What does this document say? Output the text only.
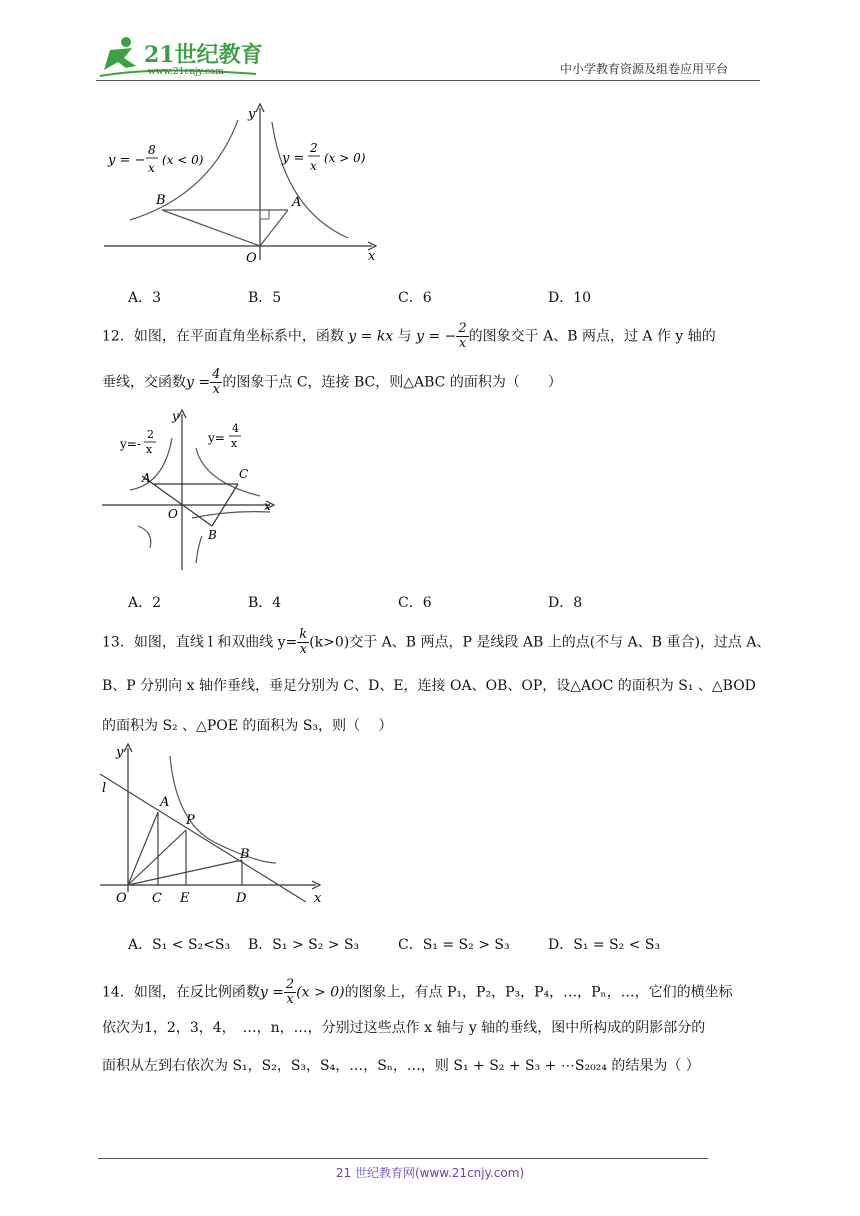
21世纪教育
www.21cnjy.com	中小学教育资源及组卷应用平台
y = −
8
x
(x < 0)	y =
2
x
(x > 0)
B	A
O	x
y
A．3	B．5	C．6	D．10
12．如图，在平面直角坐标系中，函数 y = kx 与 y = − $\frac{2}{x}$ 的图象交于 A、B 两点，过 A 作 y 轴的
垂线，交函数$y = \frac{4}{x}$ 的图象于点 C，连接 BC，则△ABC 的面积为（　　）
y=-
2
x
y=
4
x
A	C
O
B
x
y
A．2	B．4	C．6	D．8
13．如图，直线 l 和双曲线 $y= \frac{k}{x} (k>0)$交于 A、B 两点，P 是线段 AB 上的点(不与 A、B 重合)，过点 A、
B、P 分别向 x 轴作垂线，垂足分别为 C、D、E，连接 OA、OB、OP，设△AOC 的面积为 S₁ 、△BOD
的面积为 S₂ 、△POE 的面积为 S₃，则（　 ）
l
y
A
P
B
O C E	D	x
A．S₁ < S₂<S₃ B．S₁ > S₂ > S₃	C．S₁ = S₂ > S₃	D．S₁ = S₂ < S₃
14．如图，在反比例函数$y = \frac{2}{x} (x > 0)$的图象上，有点 P₁，P₂，P₃，P₄，…，Pₙ，…，它们的横坐标
依次为1，2，3，4，　…，n，…，分别过这些点作 x 轴与 y 轴的垂线，图中所构成的阴影部分的
面积从左到右依次为 S₁，S₂，S₃，S₄，…，Sₙ，…，则 S₁ + S₂ + S₃ + ⋯S₂₀₂₄ 的结果为（ ）
21 世纪教育网(www.21cnjy.com)
